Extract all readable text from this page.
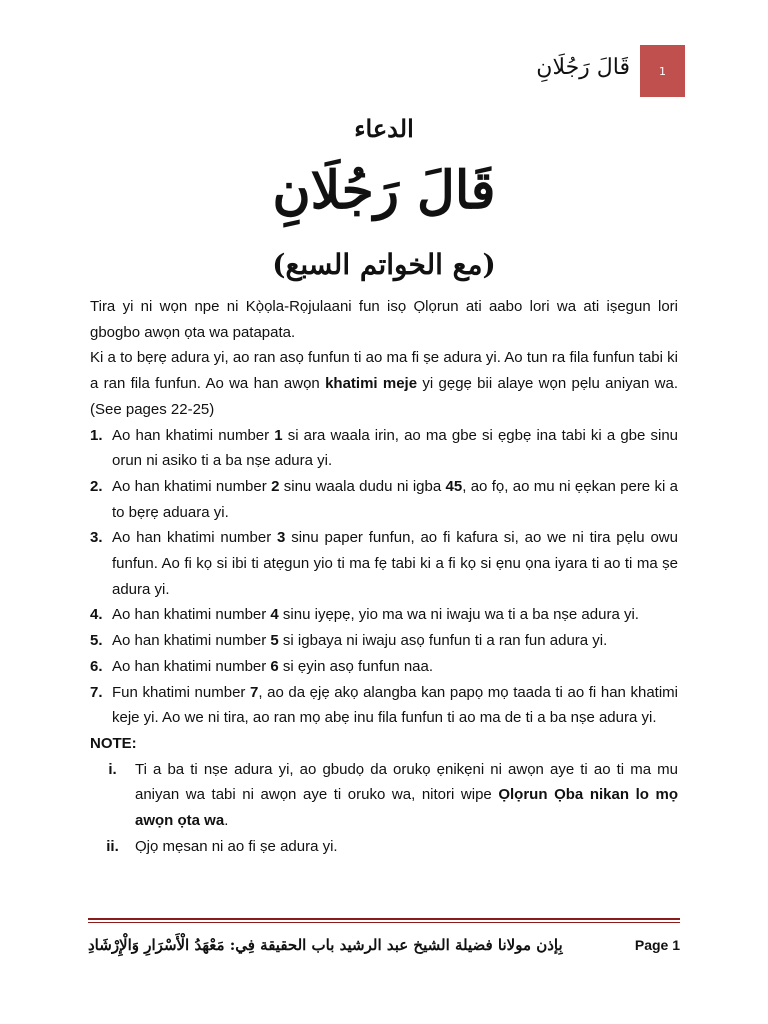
1
قَالَ رَجُلَانِ
الدعاء
قَالَ رَجُلَانِ
(مع الخواتم السبع)

Tira yi ni wọn npe ni Kọ̀ọla-Rọjulaani fun isọ Ọlọrun ati aabo lori wa ati iṣegun lori gbogbo awọn ọta wa patapata.

Ki a to bẹrẹ adura yi, ao ran asọ funfun ti ao ma fi ṣe adura yi. Ao tun ra fila funfun tabi ki a ran fila funfun. Ao wa han awọn khatimi meje yi gẹgẹ bii alaye wọn pẹlu aniyan wa. (See pages 22-25)

1. Ao han khatimi number 1 si ara waala irin, ao ma gbe si ẹgbẹ ina tabi ki a gbe sinu orun ni asiko ti a ba nṣe adura yi.
2. Ao han khatimi number 2 sinu waala dudu ni igba 45, ao fọ, ao mu ni ẹẹkan pere ki a to bẹrẹ aduara yi.
3. Ao han khatimi number 3 sinu paper funfun, ao fi kafura si, ao we ni tira pẹlu owu funfun. Ao fi kọ si ibi ti atẹgun yio ti ma fẹ tabi ki a fi kọ si ẹnu ọna iyara ti ao ti ma ṣe adura yi.
4. Ao han khatimi number 4 sinu iyẹpẹ, yio ma wa ni iwaju wa ti a ba nṣe adura yi.
5. Ao han khatimi number 5 si igbaya ni iwaju asọ funfun ti a ran fun adura yi.
6. Ao han khatimi number 6 si ẹyin asọ funfun naa.
7. Fun khatimi number 7, ao da ẹjẹ akọ alangba kan papọ mọ taada ti ao fi han khatimi keje yi. Ao we ni tira, ao ran mọ abẹ inu fila funfun ti ao ma de ti a ba nṣe adura yi.

NOTE:

i.	Ti a ba ti nṣe adura yi, ao gbudọ da orukọ ẹnikẹni ni awọn aye ti ao ti ma mu aniyan wa tabi ni awọn aye ti oruko wa, nitori wipe Ọlọrun Ọba nikan lo mọ awọn ọta wa.
ii.	Ọjọ mẹsan ni ao fi ṣe adura yi.
Page 1
بِإذن مولانا فضيلة الشيخ عبد الرشيد باب الحقيقة فِي: مَعْهَدُ الْأَسْرَارِ وَالْإِرْشَادِ
